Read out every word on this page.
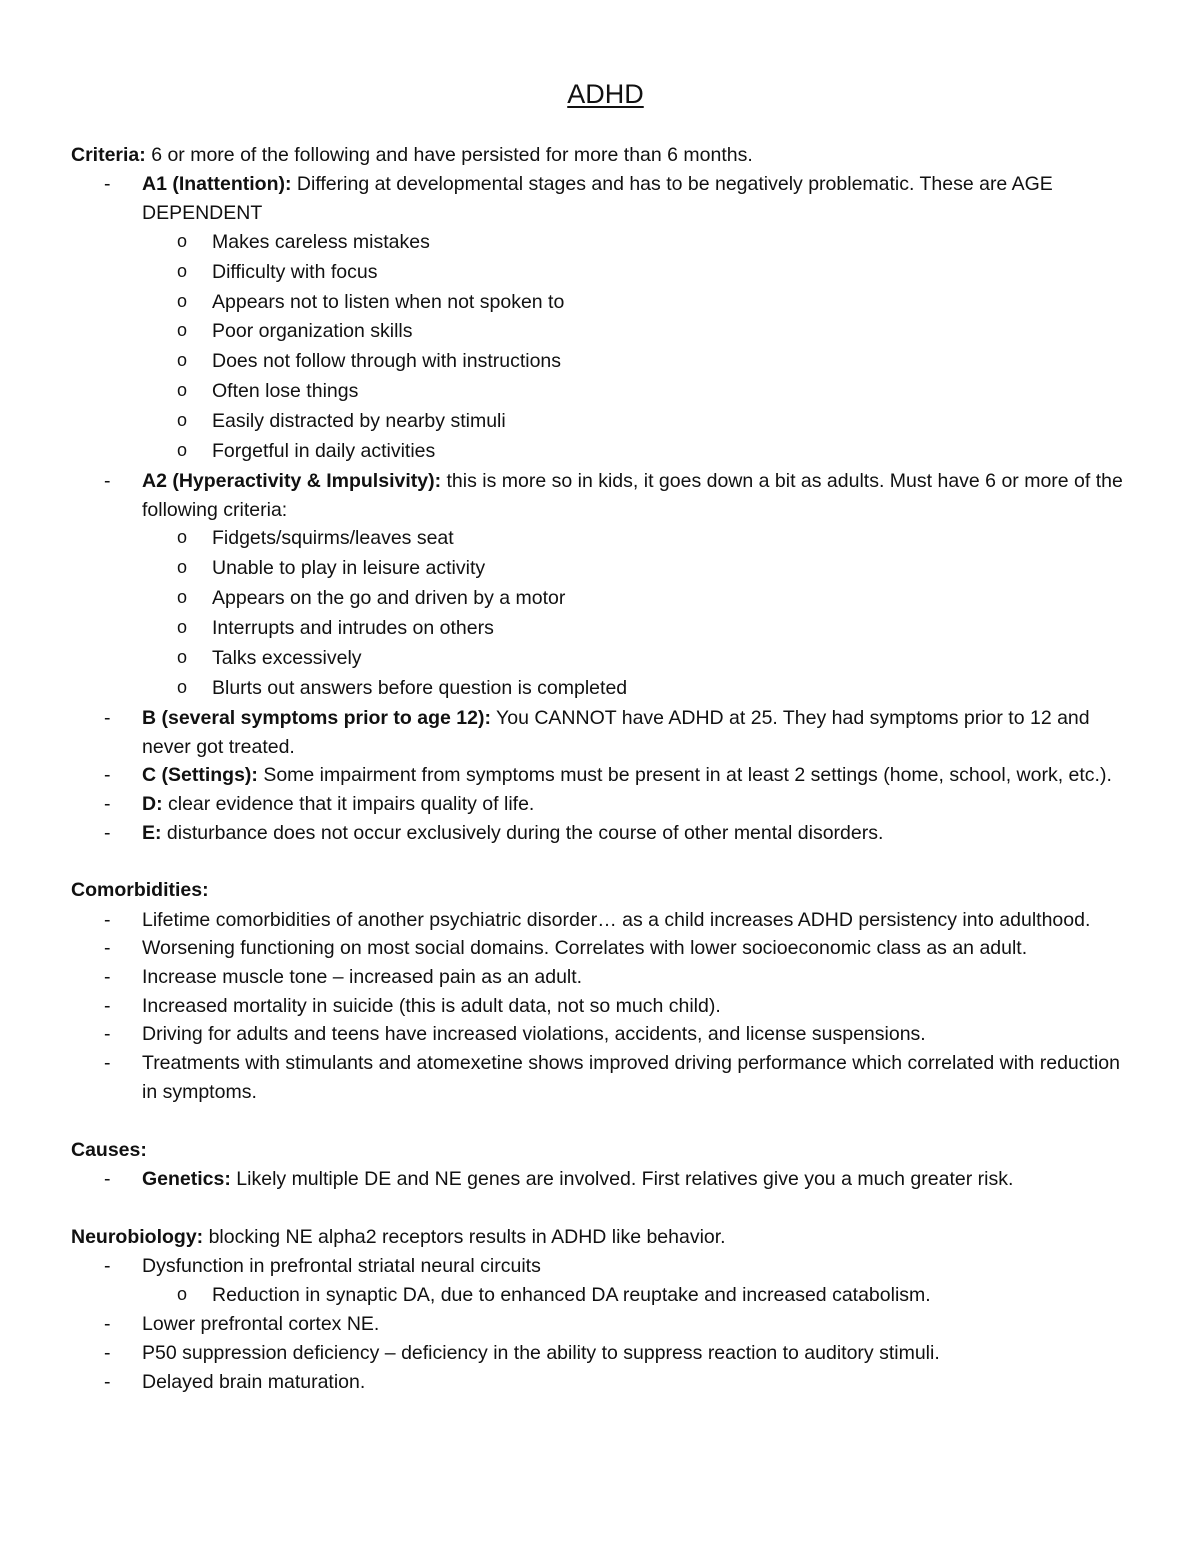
ADHD

Criteria: 6 or more of the following and have persisted for more than 6 months.

- A1 (Inattention): Differing at developmental stages and has to be negatively problematic. These are AGE DEPENDENT
o Makes careless mistakes
o Difficulty with focus
o Appears not to listen when not spoken to
o Poor organization skills
o Does not follow through with instructions
o Often lose things
o Easily distracted by nearby stimuli
o Forgetful in daily activities
- A2 (Hyperactivity & Impulsivity): this is more so in kids, it goes down a bit as adults. Must have 6 or more of the following criteria:
o Fidgets/squirms/leaves seat
o Unable to play in leisure activity
o Appears on the go and driven by a motor
o Interrupts and intrudes on others
o Talks excessively
o Blurts out answers before question is completed
- B (several symptoms prior to age 12): You CANNOT have ADHD at 25. They had symptoms prior to 12 and never got treated.
- C (Settings): Some impairment from symptoms must be present in at least 2 settings (home, school, work, etc.).
- D: clear evidence that it impairs quality of life.
- E: disturbance does not occur exclusively during the course of other mental disorders.

Comorbidities:

- Lifetime comorbidities of another psychiatric disorder… as a child increases ADHD persistency into adulthood.
- Worsening functioning on most social domains. Correlates with lower socioeconomic class as an adult.
- Increase muscle tone – increased pain as an adult.
- Increased mortality in suicide (this is adult data, not so much child).
- Driving for adults and teens have increased violations, accidents, and license suspensions.
- Treatments with stimulants and atomexetine shows improved driving performance which correlated with reduction in symptoms.

Causes:

- Genetics: Likely multiple DE and NE genes are involved. First relatives give you a much greater risk.

Neurobiology: blocking NE alpha2 receptors results in ADHD like behavior.

- Dysfunction in prefrontal striatal neural circuits
o Reduction in synaptic DA, due to enhanced DA reuptake and increased catabolism.
- Lower prefrontal cortex NE.
- P50 suppression deficiency – deficiency in the ability to suppress reaction to auditory stimuli.
- Delayed brain maturation.
